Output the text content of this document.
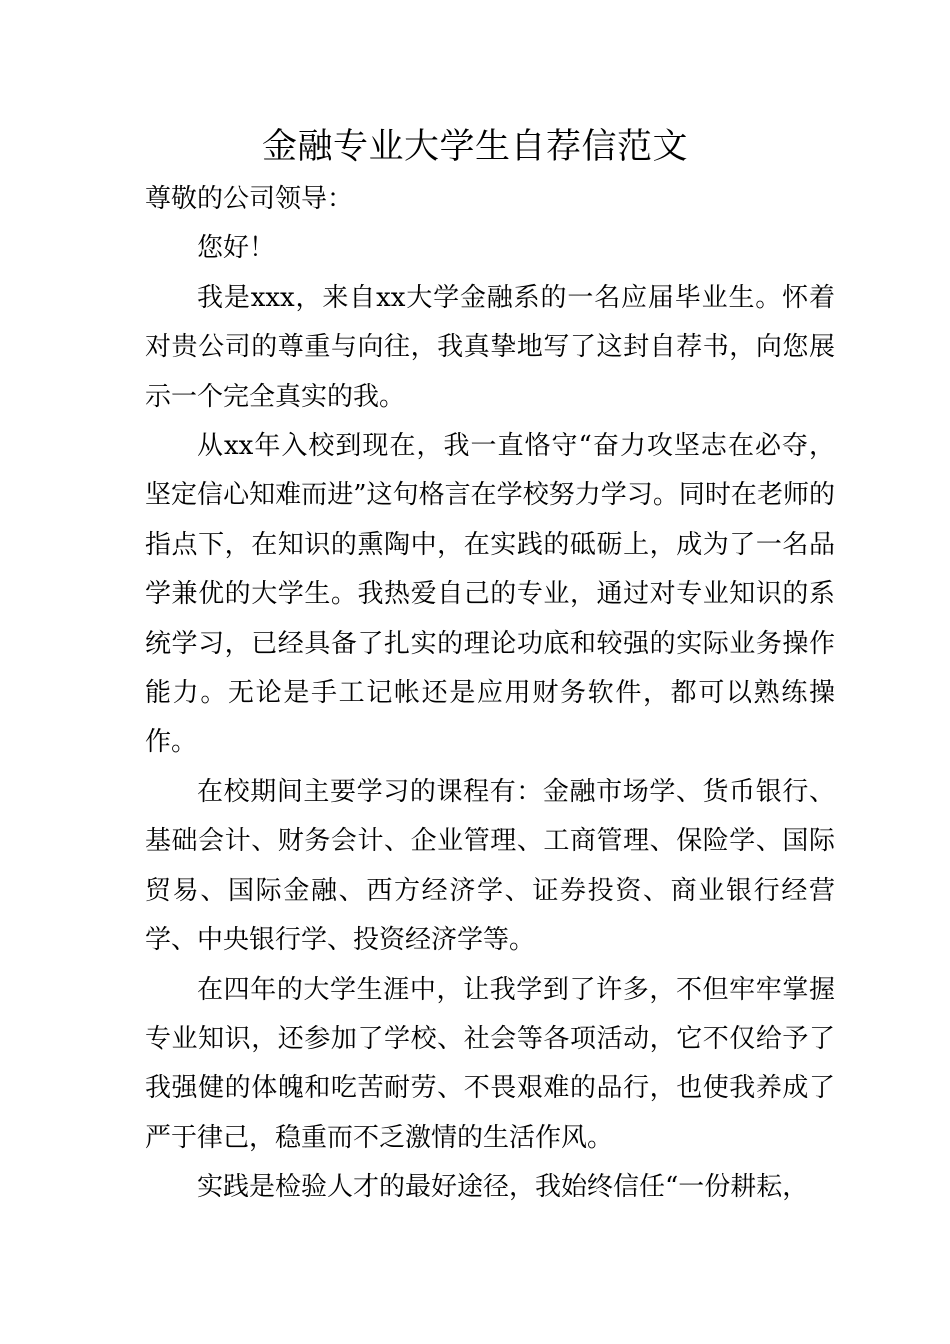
金融专业大学生自荐信范文

尊敬的公司领导：

您好！

我是xxx，来自xx大学金融系的一名应届毕业生。怀着对贵公司的尊重与向往，我真挚地写了这封自荐书，向您展示一个完全真实的我。

从xx年入校到现在，我一直恪守“奋力攻坚志在必夺，坚定信心知难而进”这句格言在学校努力学习。同时在老师的指点下，在知识的熏陶中，在实践的砥砺上，成为了一名品学兼优的大学生。我热爱自己的专业，通过对专业知识的系统学习，已经具备了扎实的理论功底和较强的实际业务操作能力。无论是手工记帐还是应用财务软件，都可以熟练操作。

在校期间主要学习的课程有：金融市场学、货币银行、基础会计、财务会计、企业管理、工商管理、保险学、国际贸易、国际金融、西方经济学、证券投资、商业银行经营学、中央银行学、投资经济学等。

在四年的大学生涯中，让我学到了许多，不但牢牢掌握专业知识，还参加了学校、社会等各项活动，它不仅给予了我强健的体魄和吃苦耐劳、不畏艰难的品行，也使我养成了严于律己，稳重而不乏激情的生活作风。

实践是检验人才的最好途径，我始终信任“一份耕耘，
